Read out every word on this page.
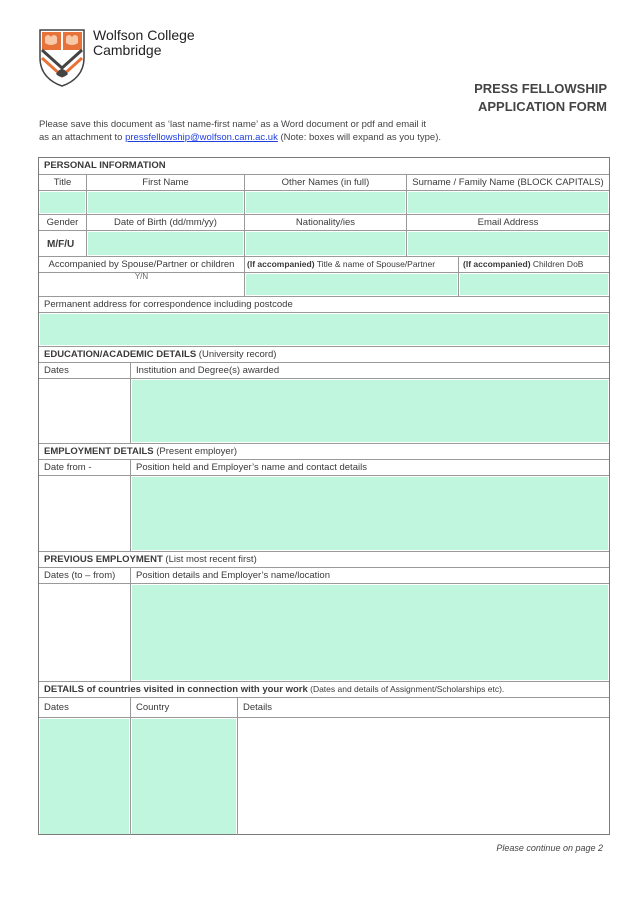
Wolfson College
Cambridge
PRESS FELLOWSHIP
APPLICATION FORM
Please save this document as ‘last name-first name’ as a Word document or pdf and email it
as an attachment to pressfellowship@wolfson.cam.ac.uk (Note: boxes will expand as you type).
PERSONAL INFORMATION
Title	First Name	Other Names (in full)	Surname / Family Name (BLOCK CAPITALS)
Gender	Date of Birth (dd/mm/yy)	Nationality/ies	Email Address
M/F/U
Accompanied by Spouse/Partner or children	(If accompanied) Title & name of Spouse/Partner	(If accompanied) Children DoB
Y/N
Permanent address for correspondence including postcode
EDUCATION/ACADEMIC DETAILS (University record)
Dates	Institution and Degree(s) awarded
EMPLOYMENT DETAILS (Present employer)
Date from -	Position held and Employer’s name and contact details
PREVIOUS EMPLOYMENT (List most recent first)
Dates (to – from)	Position details and Employer’s name/location
DETAILS of countries visited in connection with your work (Dates and details of Assignment/Scholarships etc).
Dates	Country	Details
Please continue on page 2
